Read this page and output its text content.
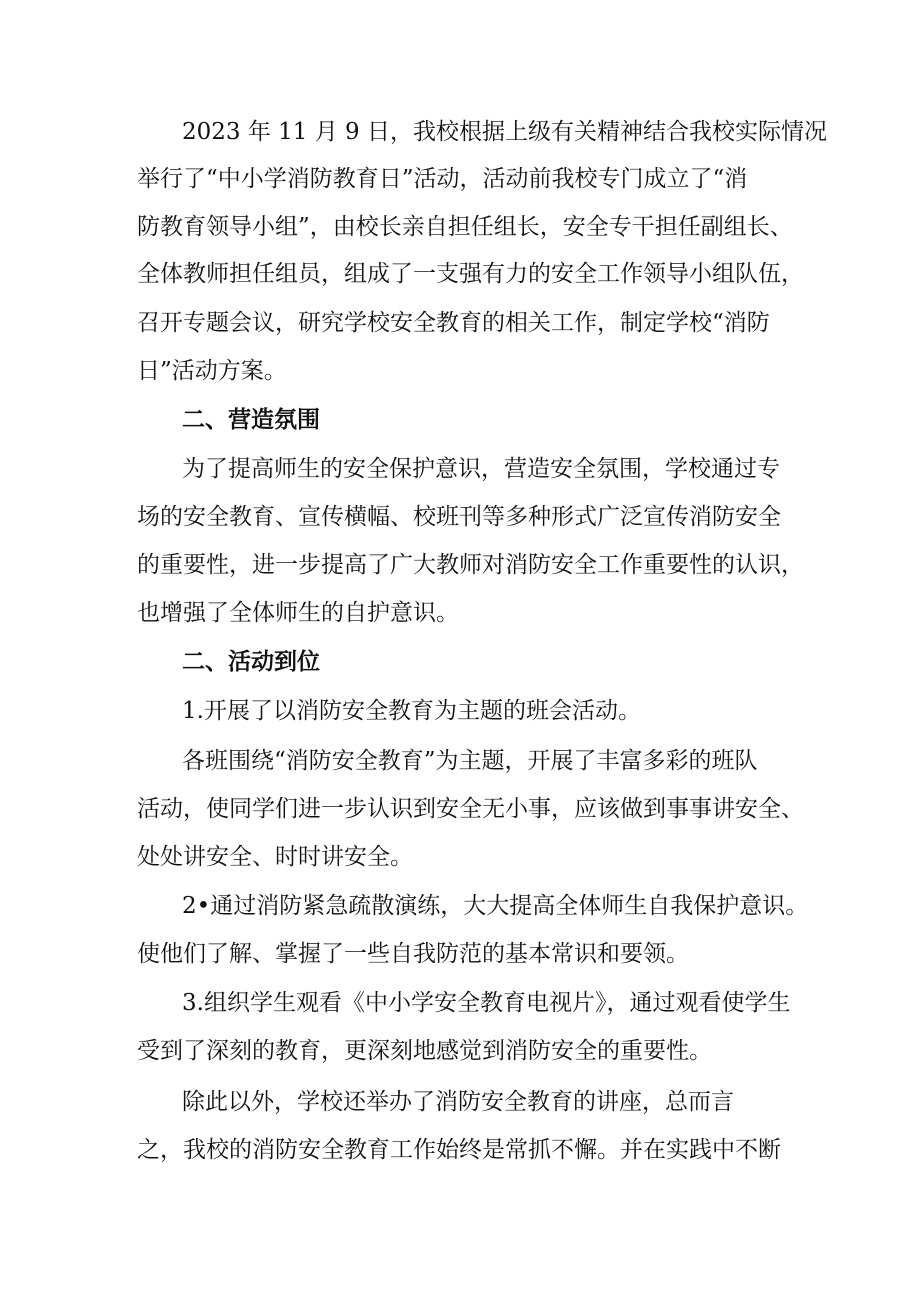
2023 年 11 月 9 日，我校根据上级有关精神结合我校实际情况
举行了“中小学消防教育日”活动，活动前我校专门成立了“消
防教育领导小组”，由校长亲自担任组长，安全专干担任副组长、
全体教师担任组员，组成了一支强有力的安全工作领导小组队伍，
召开专题会议，研究学校安全教育的相关工作，制定学校“消防
日”活动方案。
二、营造氛围
为了提高师生的安全保护意识，营造安全氛围，学校通过专
场的安全教育、宣传横幅、校班刊等多种形式广泛宣传消防安全
的重要性，进一步提高了广大教师对消防安全工作重要性的认识，
也增强了全体师生的自护意识。
二、活动到位
1.开展了以消防安全教育为主题的班会活动。
各班围绕“消防安全教育”为主题，开展了丰富多彩的班队
活动，使同学们进一步认识到安全无小事，应该做到事事讲安全、
处处讲安全、时时讲安全。
2•通过消防紧急疏散演练，大大提高全体师生自我保护意识。
使他们了解、掌握了一些自我防范的基本常识和要领。
3.组织学生观看《中小学安全教育电视片》，通过观看使学生
受到了深刻的教育，更深刻地感觉到消防安全的重要性。
除此以外，学校还举办了消防安全教育的讲座，总而言
之，我校的消防安全教育工作始终是常抓不懈。并在实践中不断
